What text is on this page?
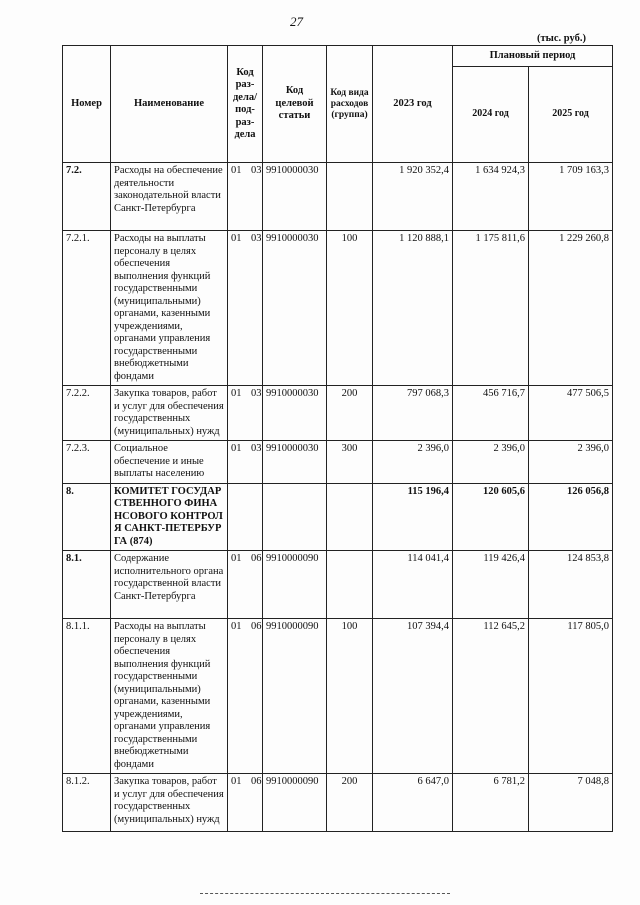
27
(тыс. руб.)
Номер	Наименование	Код раз-дела/ под-раз-дела	Код целевой статьи	Код вида расходов (группа)	2023 год	Плановый период	
						2024 год	2025 год
7.2.	Расходы на обеспечение деятельности законодательной власти Санкт-Петербурга	01 03	9910000030		1 920 352,4	1 634 924,3	1 709 163,3
7.2.1.	Расходы на выплаты персоналу в целях обеспечения выполнения функций государственными (муниципальными) органами, казенными учреждениями, органами управления государственными внебюджетными фондами	01 03	9910000030	100	1 120 888,1	1 175 811,6	1 229 260,8
7.2.2.	Закупка товаров, работ и услуг для обеспечения государственных (муниципальных) нужд	01 03	9910000030	200	797 068,3	456 716,7	477 506,5
7.2.3.	Социальное обеспечение и иные выплаты населению	01 03	9910000030	300	2 396,0	2 396,0	2 396,0
8.	КОМИТЕТ ГОСУДАРСТВЕННОГО ФИНАНСОВОГО КОНТРОЛЯ САНКТ-ПЕТЕРБУРГА (874)				115 196,4	120 605,6	126 056,8
8.1.	Содержание исполнительного органа государственной власти Санкт-Петербурга	01 06	9910000090		114 041,4	119 426,4	124 853,8
8.1.1.	Расходы на выплаты персоналу в целях обеспечения выполнения функций государственными (муниципальными) органами, казенными учреждениями, органами управления государственными внебюджетными фондами	01 06	9910000090	100	107 394,4	112 645,2	117 805,0
8.1.2.	Закупка товаров, работ и услуг для обеспечения государственных (муниципальных) нужд	01 06	9910000090	200	6 647,0	6 781,2	7 048,8
